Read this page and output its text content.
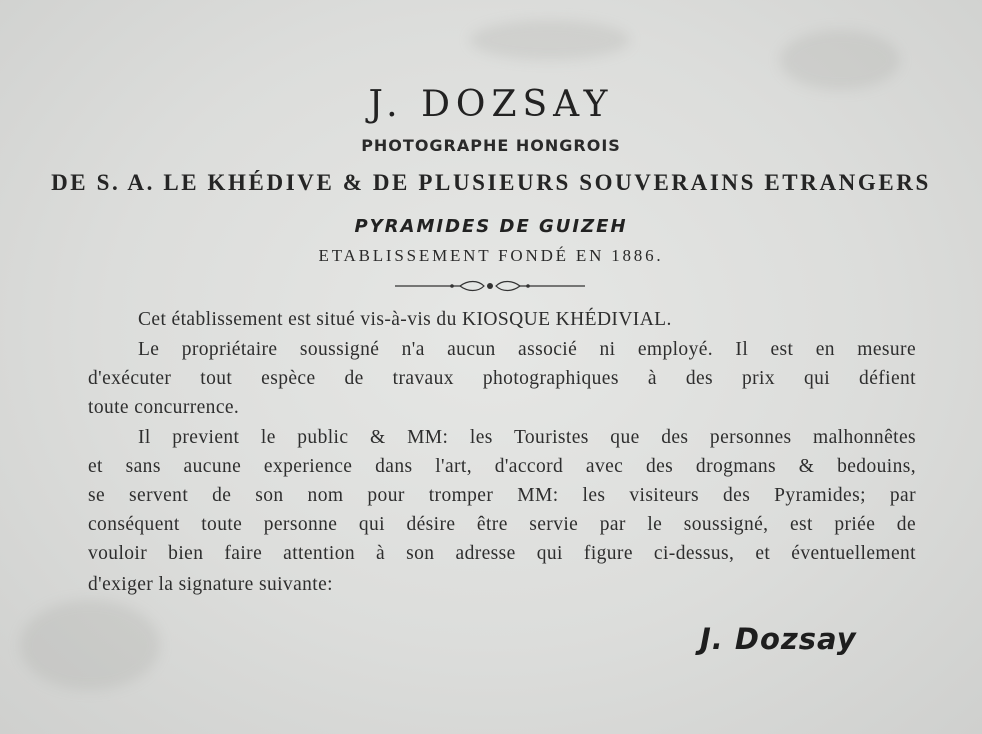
J. DOZSAY
PHOTOGRAPHE HONGROIS
DE S. A. LE KHÉDIVE & DE PLUSIEURS SOUVERAINS ETRANGERS
PYRAMIDES DE GUIZEH
ETABLISSEMENT FONDÉ EN 1886.
Cet établissement est situé vis-à-vis du KIOSQUE KHÉDIVIAL.
Le propriétaire soussigné n'a aucun associé ni employé. Il est en mesure
d'exécuter tout espèce de travaux photographiques à des prix qui défient
toute concurrence.
Il previent le public & MM: les Touristes que des personnes malhonnêtes
et sans aucune experience dans l'art, d'accord avec des drogmans & bedouins,
se servent de son nom pour tromper MM: les visiteurs des Pyramides; par
conséquent toute personne qui désire être servie par le soussigné, est priée de
vouloir bien faire attention à son adresse qui figure ci-dessus, et éventuellement
d'exiger la signature suivante:
J. Dozsay
